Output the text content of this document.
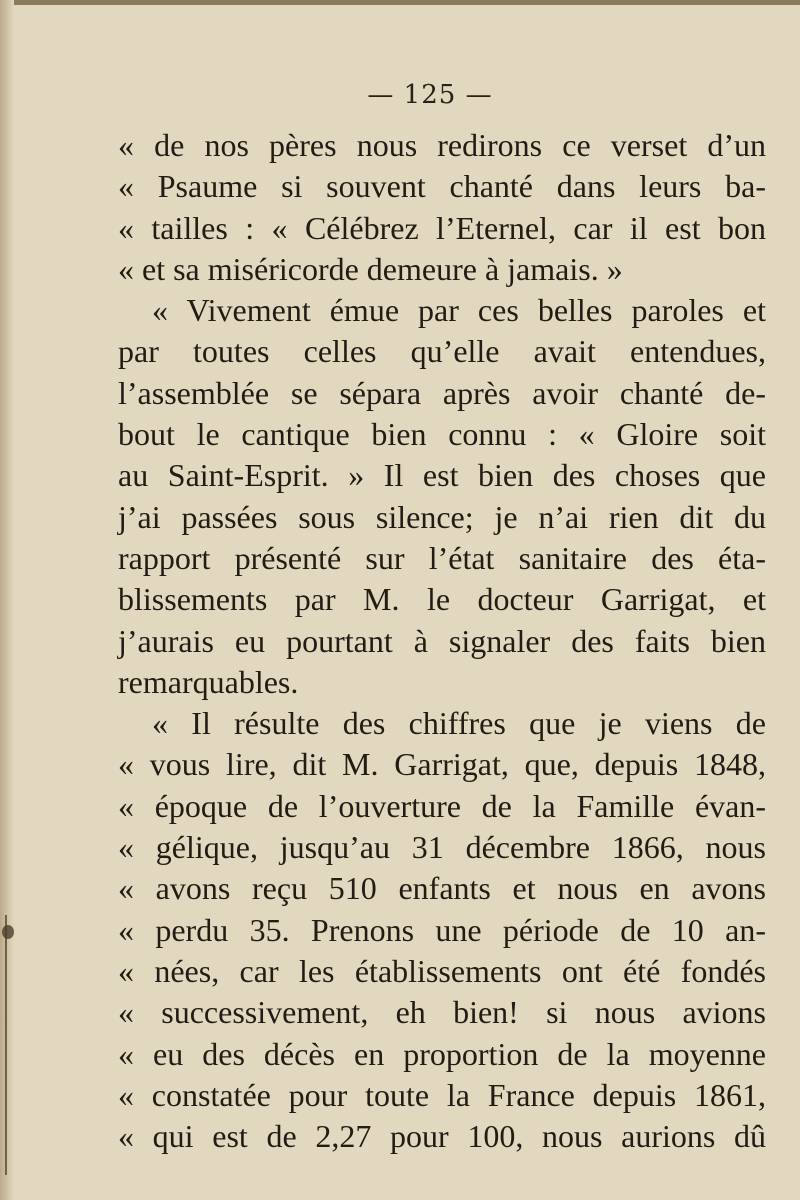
— 125 —
« de nos pères nous redirons ce verset d’un
« Psaume si souvent chanté dans leurs ba-
« tailles : « Célébrez l’Eternel, car il est bon
« et sa miséricorde demeure à jamais. »
« Vivement émue par ces belles paroles et
par toutes celles qu’elle avait entendues,
l’assemblée se sépara après avoir chanté de-
bout le cantique bien connu : « Gloire soit
au Saint-Esprit. » Il est bien des choses que
j’ai passées sous silence; je n’ai rien dit du
rapport présenté sur l’état sanitaire des éta-
blissements par M. le docteur Garrigat, et
j’aurais eu pourtant à signaler des faits bien
remarquables.
« Il résulte des chiffres que je viens de
« vous lire, dit M. Garrigat, que, depuis 1848,
« époque de l’ouverture de la Famille évan-
« gélique, jusqu’au 31 décembre 1866, nous
« avons reçu 510 enfants et nous en avons
« perdu 35. Prenons une période de 10 an-
« nées, car les établissements ont été fondés
« successivement, eh bien! si nous avions
« eu des décès en proportion de la moyenne
« constatée pour toute la France depuis 1861,
« qui est de 2,27 pour 100, nous aurions dû
